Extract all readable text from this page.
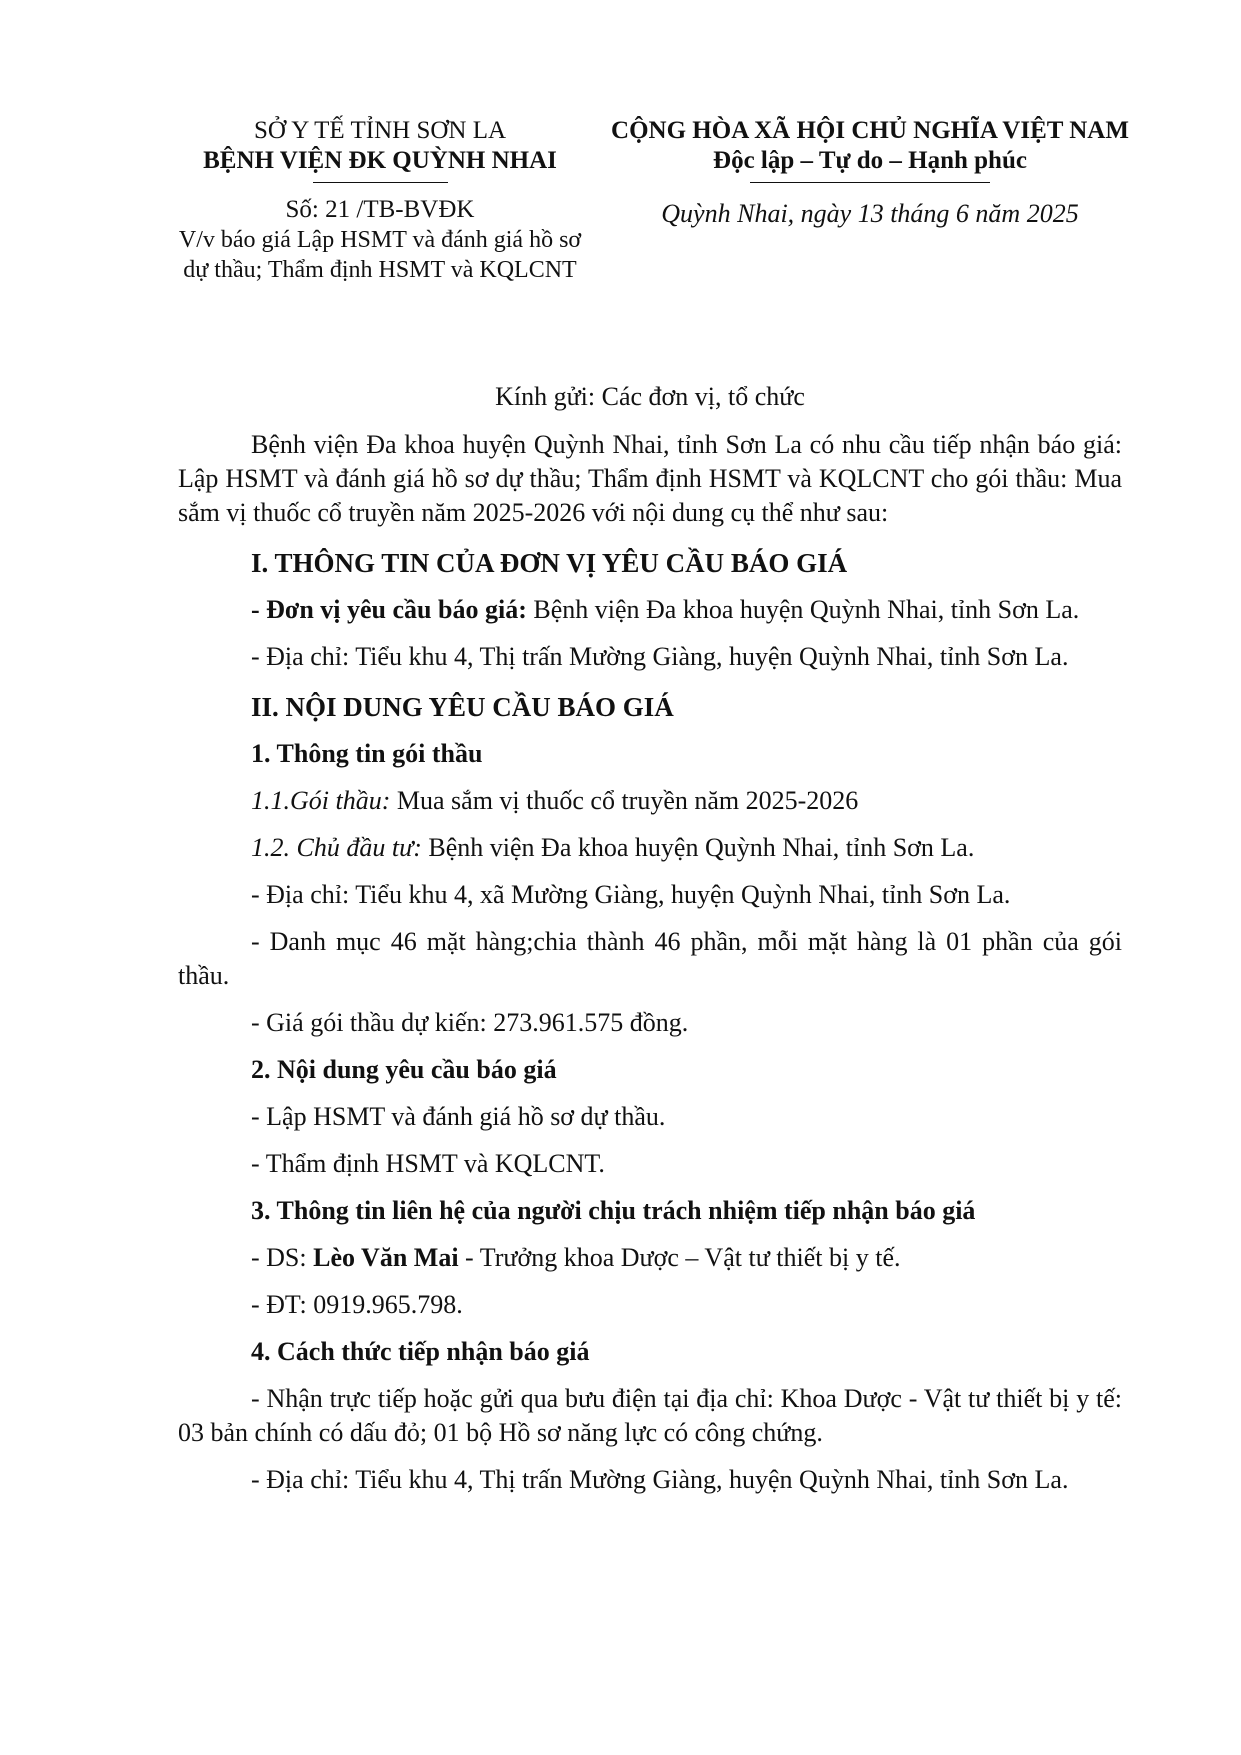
SỞ Y TẾ TỈNH SƠN LA
BỆNH VIỆN ĐK QUỲNH NHAI
Số: 21 /TB-BVĐK
V/v báo giá Lập HSMT và đánh giá hồ sơ dự thầu; Thẩm định HSMT và KQLCNT
CỘNG HÒA XÃ HỘI CHỦ NGHĨA VIỆT NAM
Độc lập – Tự do – Hạnh phúc
Quỳnh Nhai, ngày 13 tháng 6 năm 2025

Kính gửi: Các đơn vị, tổ chức

Bệnh viện Đa khoa huyện Quỳnh Nhai, tỉnh Sơn La có nhu cầu tiếp nhận báo giá: Lập HSMT và đánh giá hồ sơ dự thầu; Thẩm định HSMT và KQLCNT cho gói thầu: Mua sắm vị thuốc cổ truyền năm 2025-2026 với nội dung cụ thể như sau:

I. THÔNG TIN CỦA ĐƠN VỊ YÊU CẦU BÁO GIÁ

- Đơn vị yêu cầu báo giá: Bệnh viện Đa khoa huyện Quỳnh Nhai, tỉnh Sơn La.

- Địa chỉ: Tiểu khu 4, Thị trấn Mường Giàng, huyện Quỳnh Nhai, tỉnh Sơn La.

II. NỘI DUNG YÊU CẦU BÁO GIÁ

1. Thông tin gói thầu

1.1.Gói thầu: Mua sắm vị thuốc cổ truyền năm 2025-2026

1.2. Chủ đầu tư: Bệnh viện Đa khoa huyện Quỳnh Nhai, tỉnh Sơn La.

- Địa chỉ: Tiểu khu 4, xã Mường Giàng, huyện Quỳnh Nhai, tỉnh Sơn La.

- Danh mục 46 mặt hàng;chia thành 46 phần, mỗi mặt hàng là 01 phần của gói thầu.

- Giá gói thầu dự kiến: 273.961.575 đồng.

2. Nội dung yêu cầu báo giá

- Lập HSMT và đánh giá hồ sơ dự thầu.

- Thẩm định HSMT và KQLCNT.

3. Thông tin liên hệ của người chịu trách nhiệm tiếp nhận báo giá

- DS: Lèo Văn Mai - Trưởng khoa Dược – Vật tư thiết bị y tế.

- ĐT: 0919.965.798.

4. Cách thức tiếp nhận báo giá

- Nhận trực tiếp hoặc gửi qua bưu điện tại địa chỉ: Khoa Dược - Vật tư thiết bị y tế: 03 bản chính có dấu đỏ; 01 bộ Hồ sơ năng lực có công chứng.

- Địa chỉ: Tiểu khu 4, Thị trấn Mường Giàng, huyện Quỳnh Nhai, tỉnh Sơn La.
